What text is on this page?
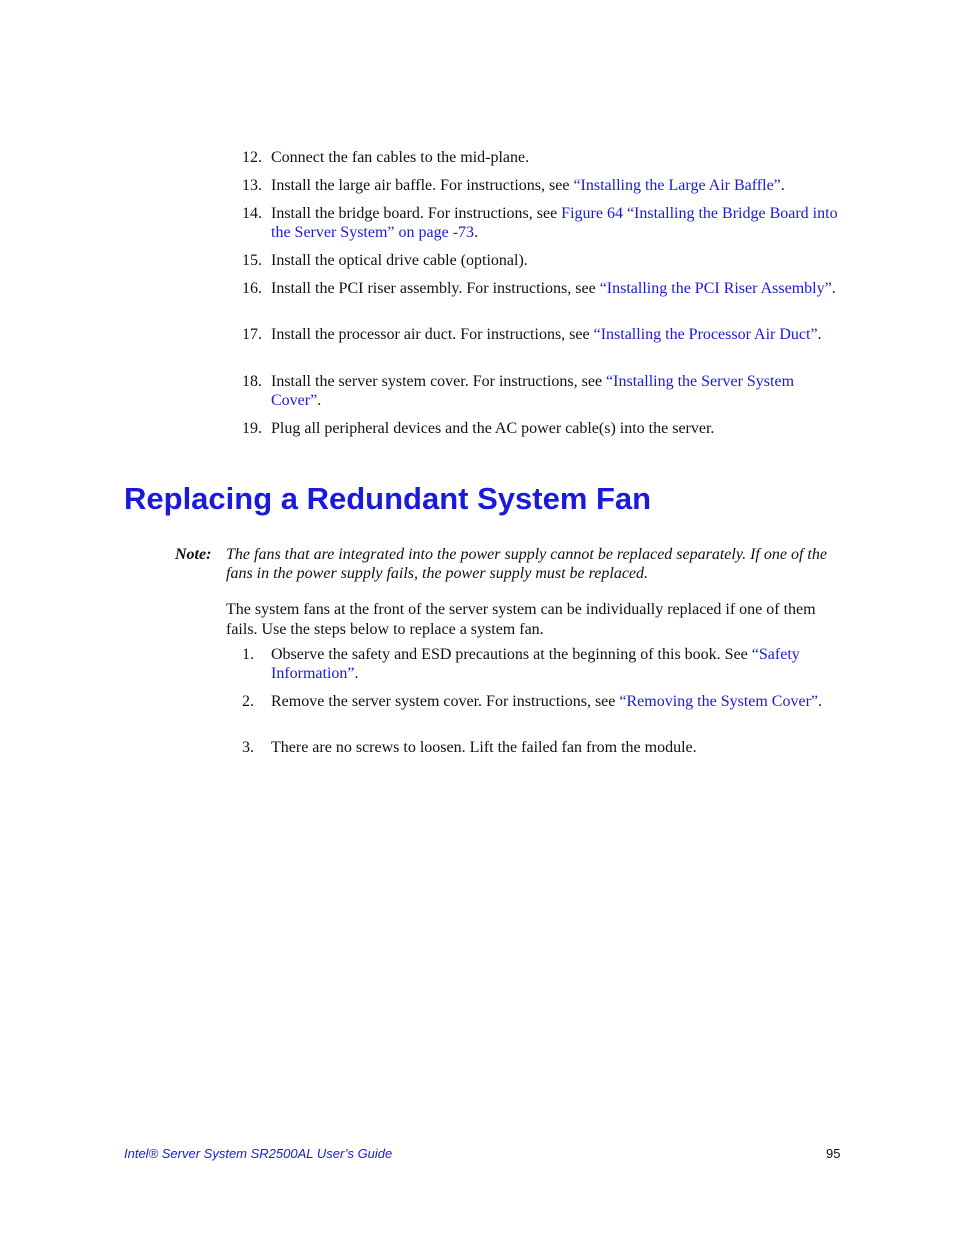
12. Connect the fan cables to the mid-plane.
13. Install the large air baffle. For instructions, see “Installing the Large Air Baffle”.
14. Install the bridge board. For instructions, see Figure 64 “Installing the Bridge Board into the Server System” on page -73.
15. Install the optical drive cable (optional).
16. Install the PCI riser assembly. For instructions, see “Installing the PCI Riser Assembly”.
17. Install the processor air duct. For instructions, see “Installing the Processor Air Duct”.
18. Install the server system cover. For instructions, see “Installing the Server System Cover”.
19. Plug all peripheral devices and the AC power cable(s) into the server.
Replacing a Redundant System Fan
Note: The fans that are integrated into the power supply cannot be replaced separately. If one of the fans in the power supply fails, the power supply must be replaced.
The system fans at the front of the server system can be individually replaced if one of them fails. Use the steps below to replace a system fan.
1. Observe the safety and ESD precautions at the beginning of this book. See “Safety Information”.
2. Remove the server system cover. For instructions, see “Removing the System Cover”.
3. There are no screws to loosen. Lift the failed fan from the module.
Intel® Server System SR2500AL User’s Guide	95
